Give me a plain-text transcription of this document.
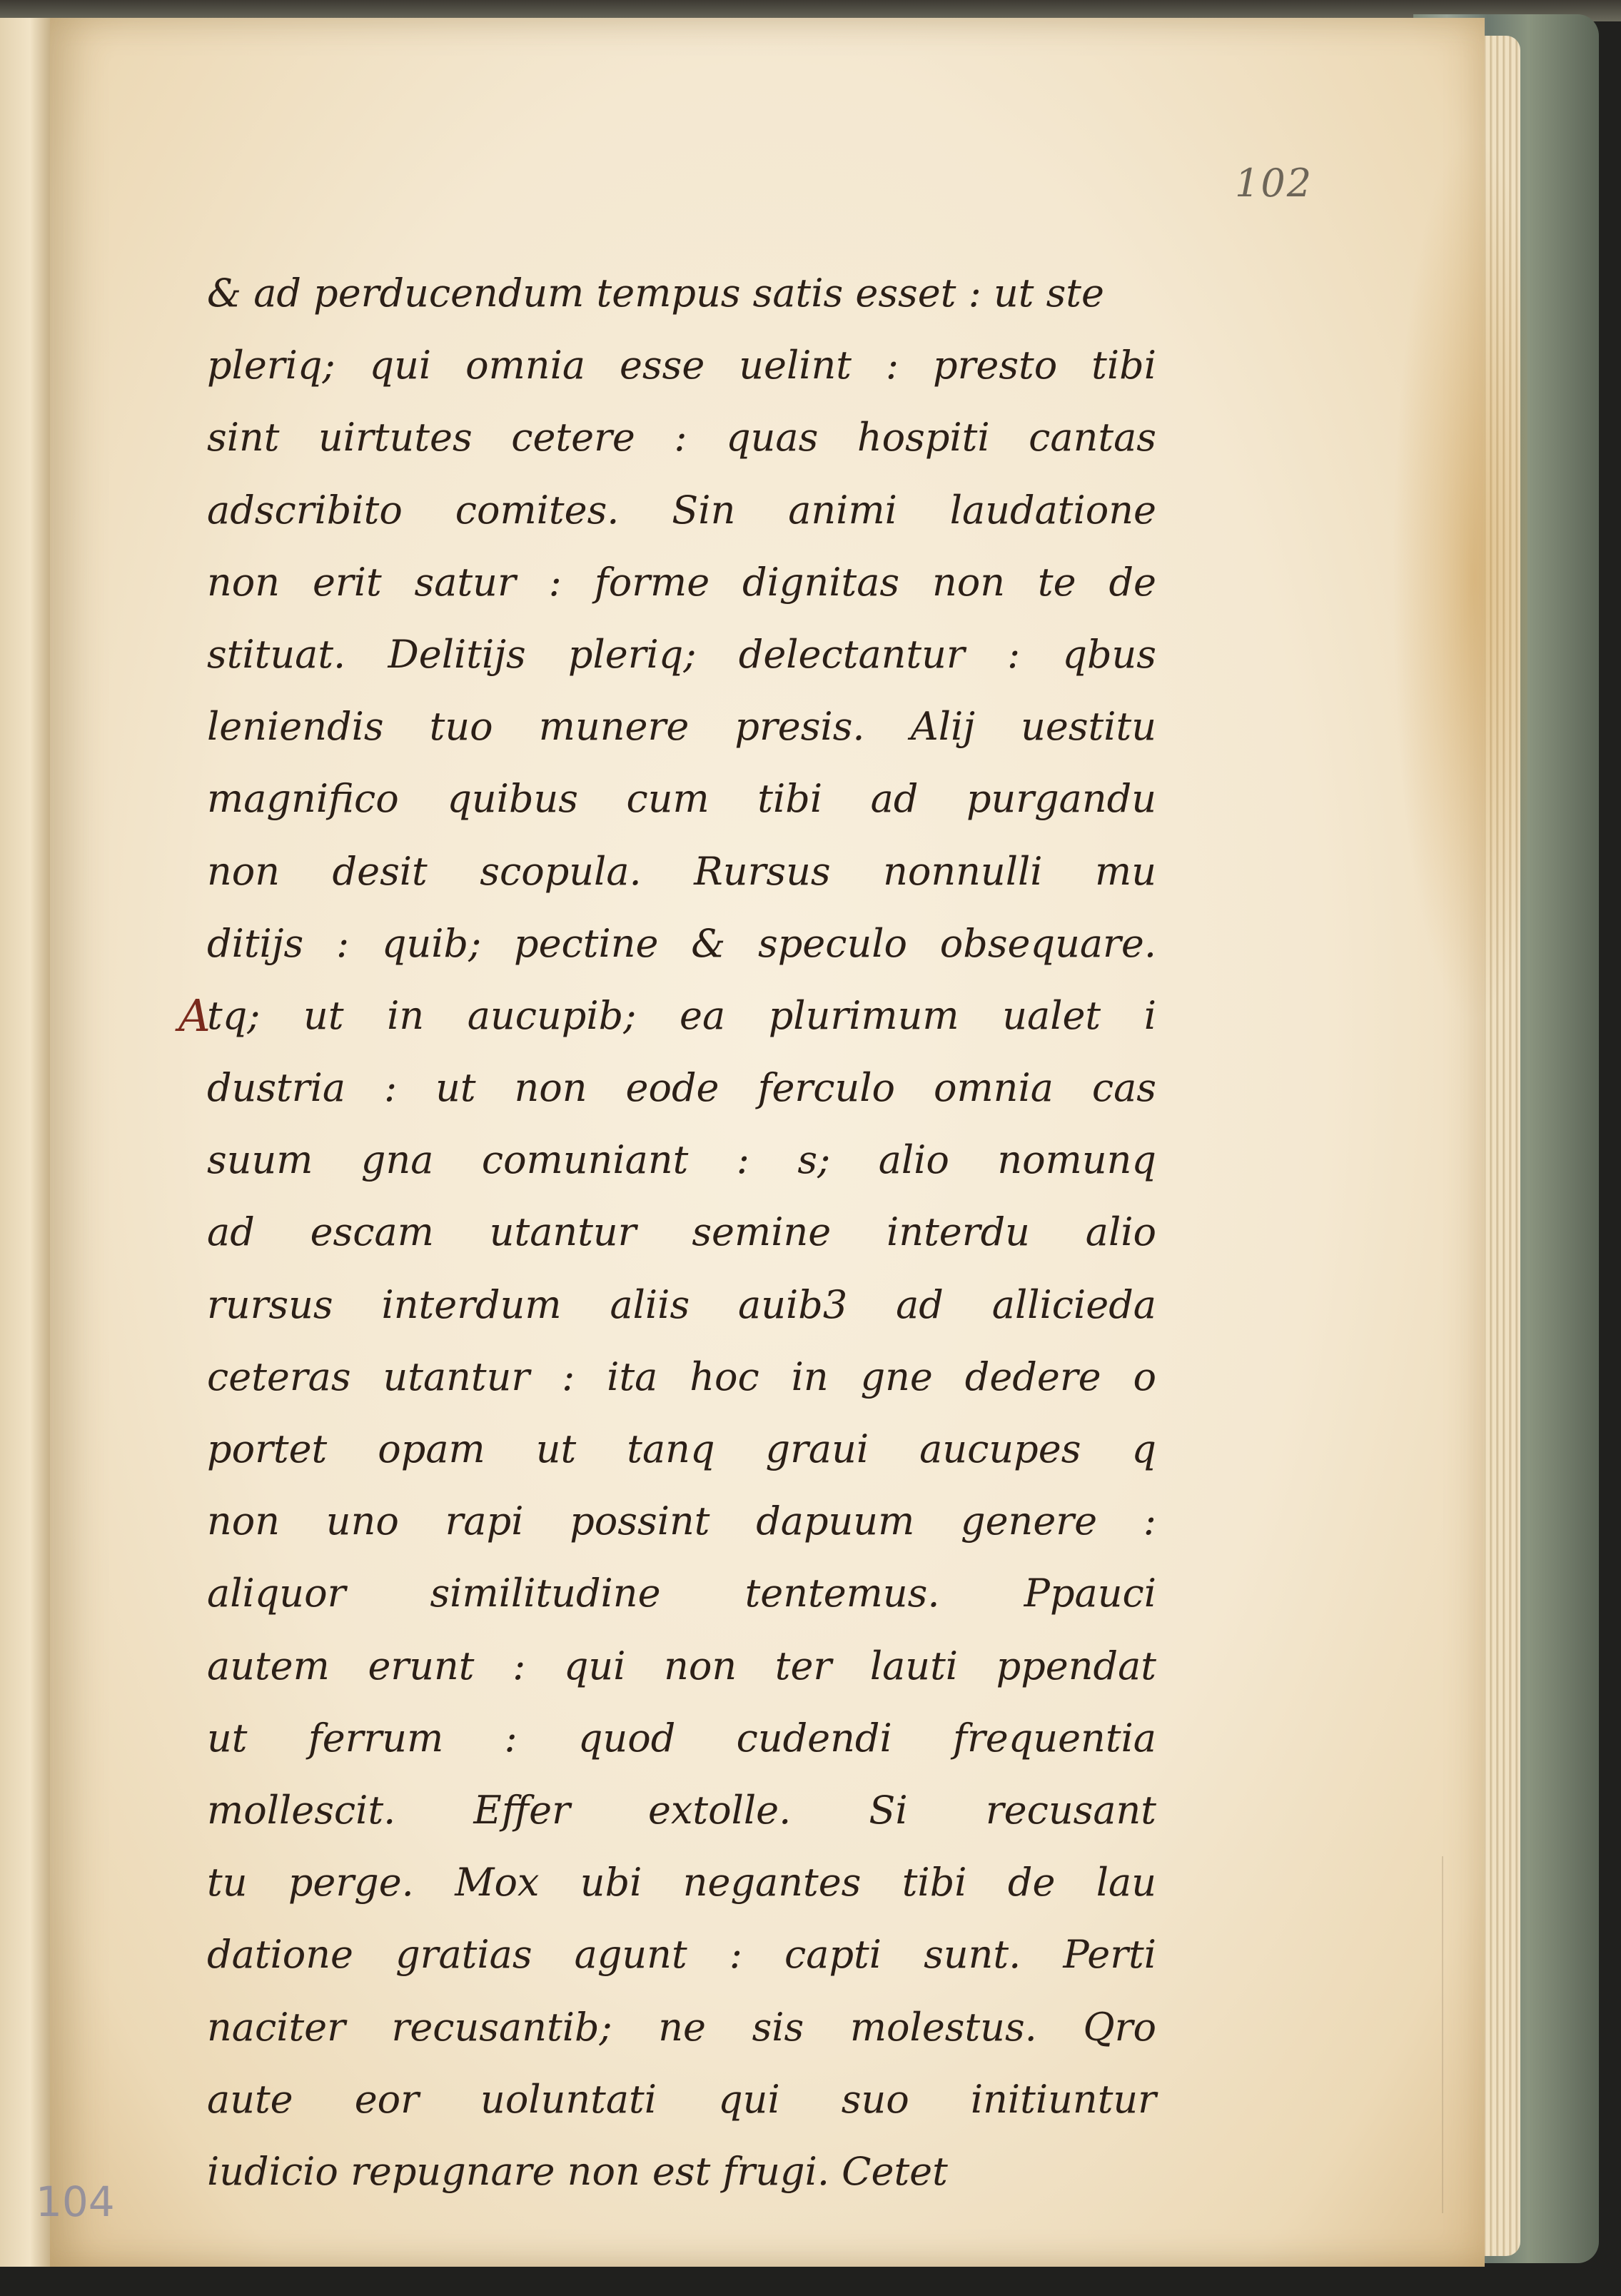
102
104
& ad perducendum tempus satis esset : ut ste
pleriq; qui omnia esse uelint : presto tibi
sint uirtutes cetere : quas hospiti cantas
adscribito comites. Sin animi laudatione
non erit satur : forme dignitas non te de
stituat. Delitijs pleriq; delectantur : qbus
leniendis tuo munere presis. Alij uestitu
magnifico quibus cum tibi ad purgandu
non desit scopula. Rursus nonnulli mu
ditijs : quib; pectine & speculo obsequare.
A
tq; ut in aucupib; ea plurimum ualet i
dustria : ut non eode ferculo omnia cas
suum gna comuniant : s; alio nomunq
ad escam utantur semine interdu alio
rursus interdum aliis auib3 ad allicieda
ceteras utantur : ita hoc in gne dedere o
portet opam ut tanq graui aucupes q
non uno rapi possint dapuum genere :
aliquor similitudine tentemus. Ppauci
autem erunt : qui non ter lauti ppendat
ut ferrum : quod cudendi frequentia
mollescit. Effer extolle. Si recusant
tu perge. Mox ubi negantes tibi de lau
datione gratias agunt : capti sunt. Perti
naciter recusantib; ne sis molestus. Qro
aute eor uoluntati qui suo initiuntur
iudicio repugnare non est frugi. Cetet
